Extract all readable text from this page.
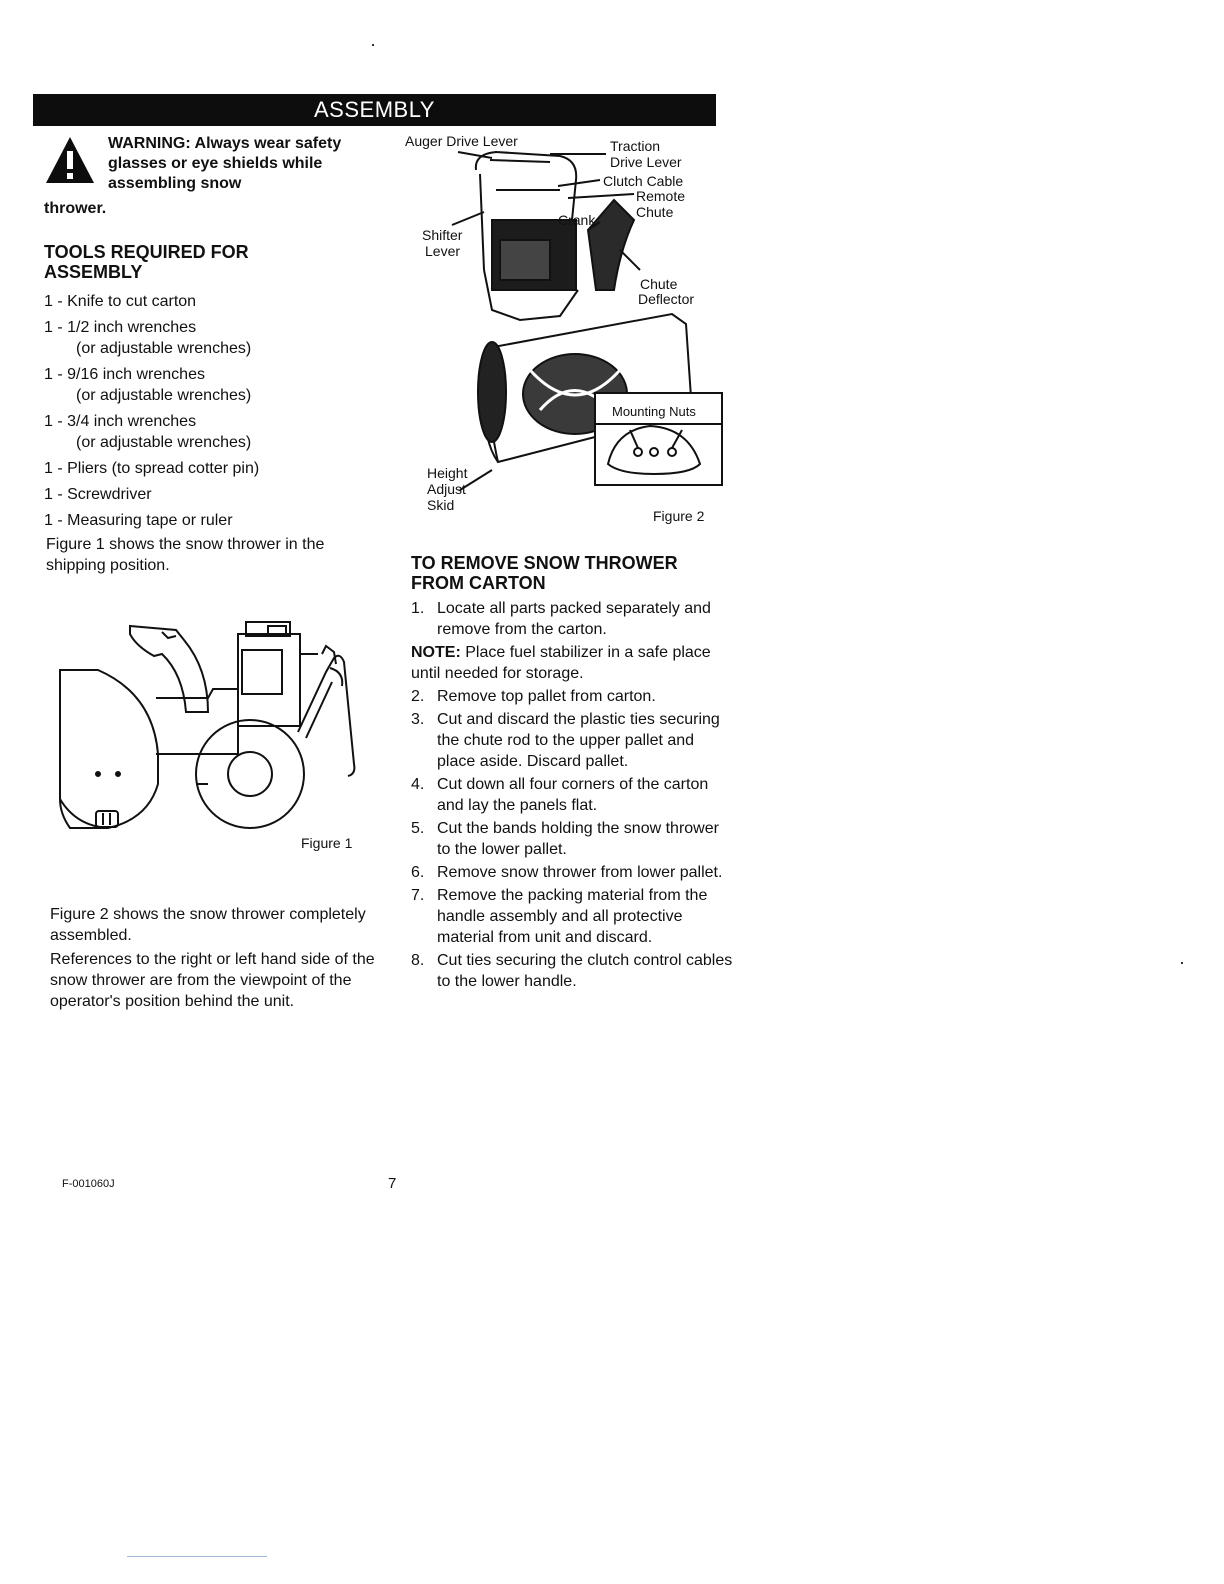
ASSEMBLY
WARNING: Always wear safety glasses or eye shields while assembling snow
thrower.
TOOLS REQUIRED FOR ASSEMBLY
1 - Knife to cut carton
1 - 1/2 inch wrenches
(or adjustable wrenches)
1 - 9/16 inch wrenches
(or adjustable wrenches)
1 - 3/4 inch wrenches
(or adjustable wrenches)
1 - Pliers (to spread cotter pin)
1 - Screwdriver
1 - Measuring tape or ruler

Figure 1 shows the snow thrower in the shipping position.

Figure 1

Figure 2 shows the snow thrower completely assembled.

References to the right or left hand side of the snow thrower are from the viewpoint of the operator's position behind the unit.

Auger Drive Lever	Traction
Drive Lever
Clutch Cable
Remote
Chute
Crank
Shifter
Lever
Chute
Deflector
Mounting Nuts
Height
Adjust
Skid
Figure 2
TO REMOVE SNOW THROWER FROM CARTON
1. Locate all parts packed separately and remove from the carton.
NOTE: Place fuel stabilizer in a safe place until needed for storage.
2. Remove top pallet from carton.
3. Cut and discard the plastic ties securing the chute rod to the upper pallet and place aside. Discard pallet.
4. Cut down all four corners of the carton and lay the panels flat.
5. Cut the bands holding the snow thrower to the lower pallet.
6. Remove snow thrower from lower pallet.
7. Remove the packing material from the handle assembly and all protective material from unit and discard.
8. Cut ties securing the clutch control cables to the lower handle.
F-001060J	7
